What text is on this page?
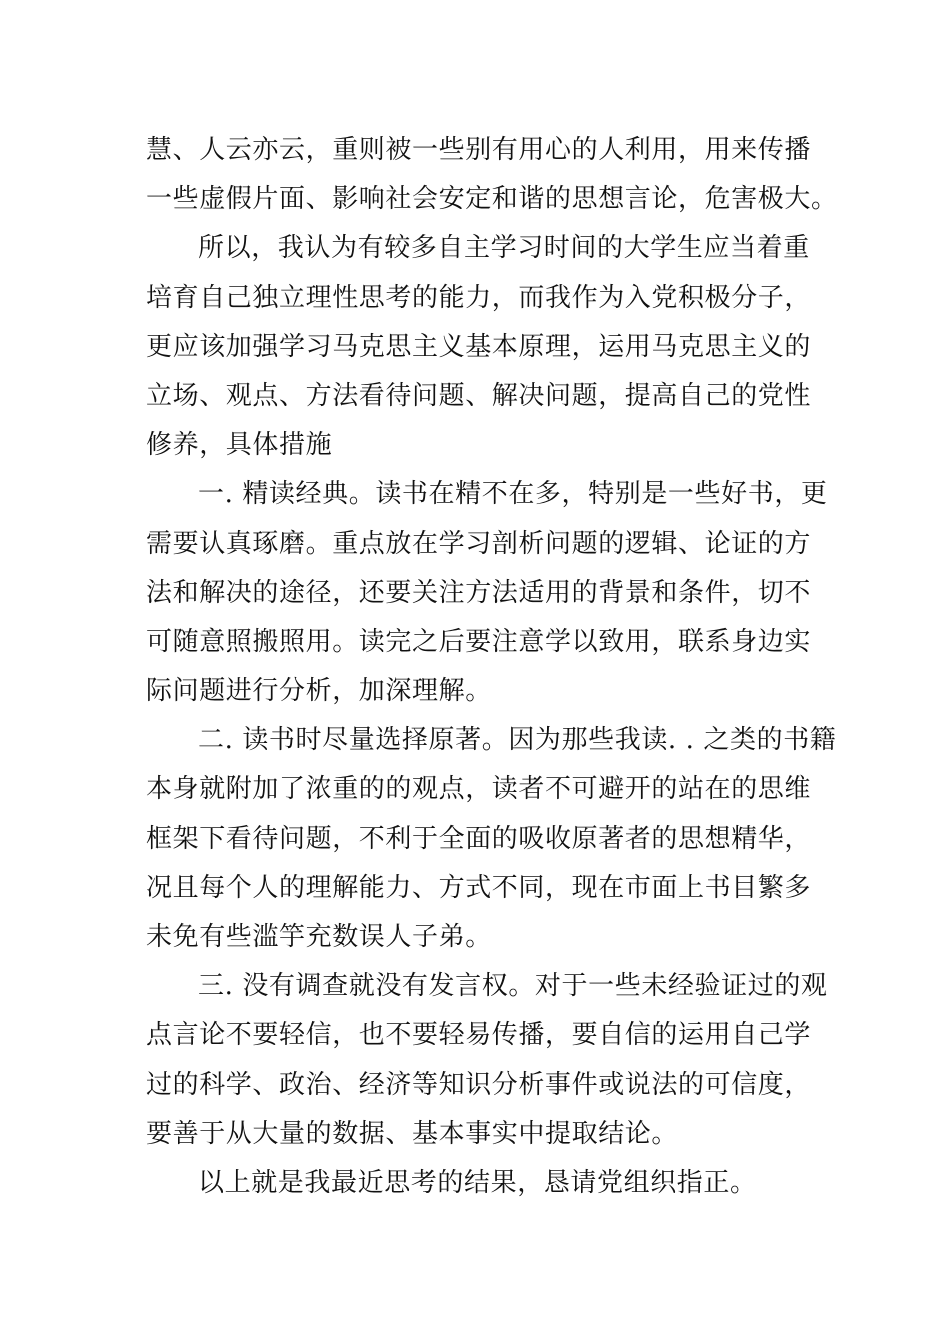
慧、人云亦云，重则被一些别有用心的人利用，用来传播
一些虚假片面、影响社会安定和谐的思想言论，危害极大。
所以，我认为有较多自主学习时间的大学生应当着重
培育自己独立理性思考的能力，而我作为入党积极分子，
更应该加强学习马克思主义基本原理，运用马克思主义的
立场、观点、方法看待问题、解决问题，提高自己的党性
修养，具体措施
一. 精读经典。读书在精不在多，特别是一些好书，更
需要认真琢磨。重点放在学习剖析问题的逻辑、论证的方
法和解决的途径，还要关注方法适用的背景和条件，切不
可随意照搬照用。读完之后要注意学以致用，联系身边实
际问题进行分析，加深理解。
二. 读书时尽量选择原著。因为那些我读. . 之类的书籍
本身就附加了浓重的的观点，读者不可避开的站在的思维
框架下看待问题，不利于全面的吸收原著者的思想精华，
况且每个人的理解能力、方式不同，现在市面上书目繁多
未免有些滥竽充数误人子弟。
三. 没有调查就没有发言权。对于一些未经验证过的观
点言论不要轻信，也不要轻易传播，要自信的运用自己学
过的科学、政治、经济等知识分析事件或说法的可信度，
要善于从大量的数据、基本事实中提取结论。
以上就是我最近思考的结果，恳请党组织指正。
